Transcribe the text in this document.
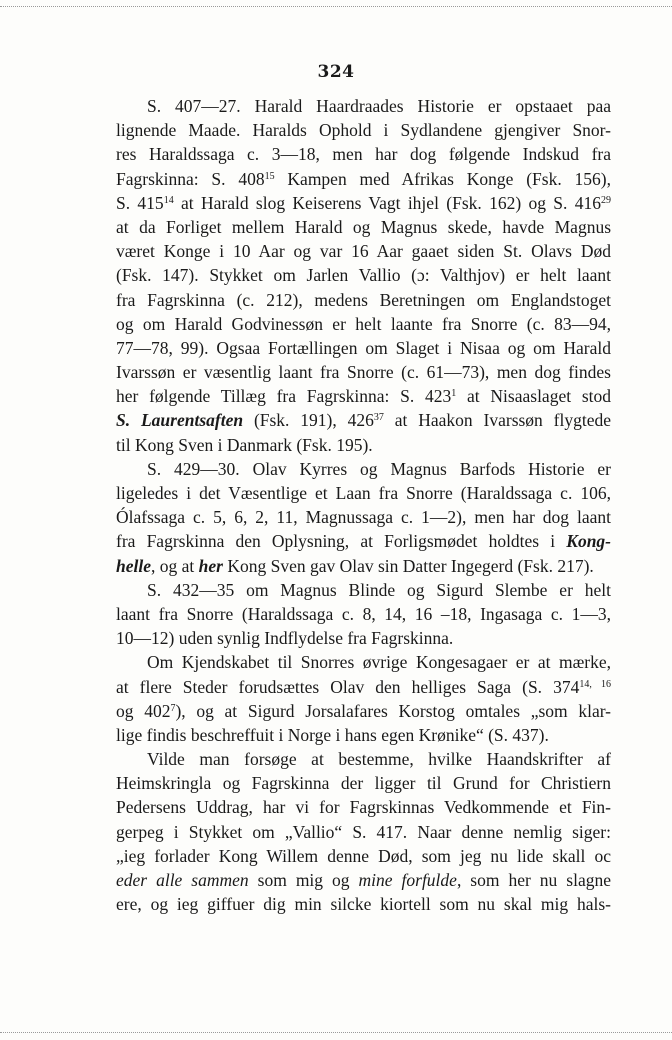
324
S. 407—27. Harald Haardraades Historie er opstaaet paa
lignende Maade. Haralds Ophold i Sydlandene gjengiver Snor-
res Haraldssaga c. 3—18, men har dog følgende Indskud fra
Fagrskinna: S. $408^{15}$ Kampen med Afrikas Konge (Fsk. 156),
S. $415^{14}$ at Harald slog Keiserens Vagt ihjel (Fsk. 162) og S. $416^{29}$
at da Forliget mellem Harald og Magnus skede, havde Magnus
været Konge i 10 Aar og var 16 Aar gaaet siden St. Olavs Død
(Fsk. 147). Stykket om Jarlen Vallio (ɔ: Valthjov) er helt laant
fra Fagrskinna (c. 212), medens Beretningen om Englandstoget
og om Harald Godvinessøn er helt laante fra Snorre (c. 83—94,
77—78, 99). Ogsaa Fortællingen om Slaget i Nisaa og om Harald
Ivarssøn er væsentlig laant fra Snorre (c. 61—73), men dog findes
her følgende Tillæg fra Fagrskinna: S. $423^1$ at Nisaaslaget stod
S. Laurentsaften (Fsk. 191), $426^{37}$ at Haakon Ivarssøn flygtede
til Kong Sven i Danmark (Fsk. 195).
S. 429—30. Olav Kyrres og Magnus Barfods Historie er
ligeledes i det Væsentlige et Laan fra Snorre (Haraldssaga c. 106,
Ólafssaga c. 5, 6, 2, 11, Magnussaga c. 1—2), men har dog laant
fra Fagrskinna den Oplysning, at Forligsmødet holdtes i Kong-
helle, og at her Kong Sven gav Olav sin Datter Ingegerd (Fsk. 217).
S. 432—35 om Magnus Blinde og Sigurd Slembe er helt
laant fra Snorre (Haraldssaga c. 8, 14, 16 –18, Ingasaga c. 1—3,
10—12) uden synlig Indflydelse fra Fagrskinna.
Om Kjendskabet til Snorres øvrige Kongesagaer er at mærke,
at flere Steder forudsættes Olav den helliges Saga (S. 374$^{14, 16}$
og $402^7$), og at Sigurd Jorsalafares Korstog omtales „som klar-
lige findis beschreffuit i Norge i hans egen Krønike“ (S. 437).
Vilde man forsøge at bestemme, hvilke Haandskrifter af
Heimskringla og Fagrskinna der ligger til Grund for Christiern
Pedersens Uddrag, har vi for Fagrskinnas Vedkommende et Fin-
gerpeg i Stykket om „Vallio“ S. 417. Naar denne nemlig siger:
„ieg forlader Kong Willem denne Død, som jeg nu lide skall oc
eder alle sammen som mig og mine forfulde, som her nu slagne
ere, og ieg giffuer dig min silcke kiortell som nu skal mig hals-
